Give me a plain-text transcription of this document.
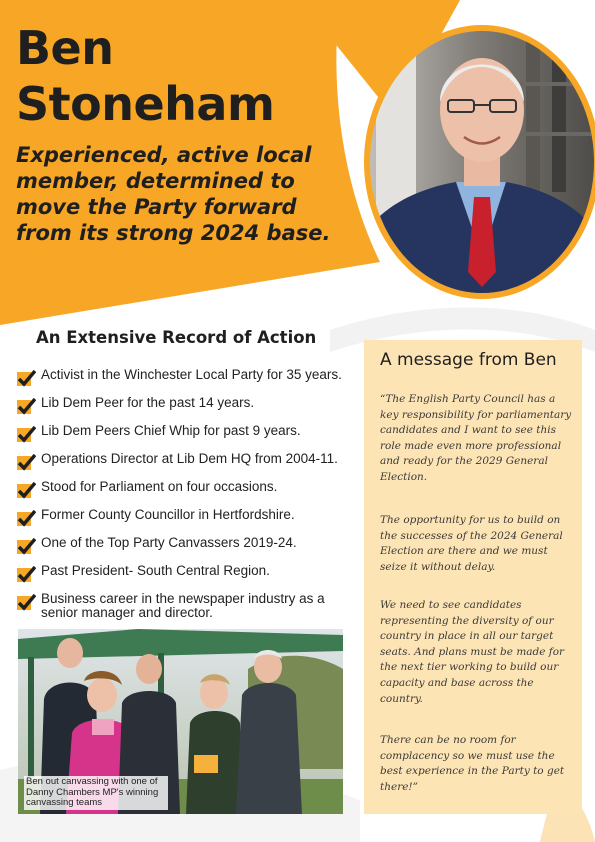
Ben
Stoneham

Experienced, active local member, determined to move the Party forward from its strong 2024 base.

An Extensive Record of Action
Activist in the Winchester Local Party for 35 years.
Lib Dem Peer for the past 14 years.
Lib Dem Peers Chief Whip for past 9 years.
Operations Director at Lib Dem HQ from 2004-11.
Stood for Parliament on four occasions.
Former County Councillor in Hertfordshire.
One of the Top Party Canvassers 2019-24.
Past President- South Central Region.
Business career in the newspaper industry as a senior manager and director.
Ben out canvassing with one of Danny Chambers MP's winning canvassing teams
A message from Ben

“The English Party Council has a key responsibility for parliamentary candidates and I want to see this role made even more professional and ready for the 2029 General Election.

The opportunity for us to build on the successes of the 2024 General Election are there and we must seize it without delay.

We need to see candidates representing the diversity of our country in place in all our target seats. And plans must be made for the next tier working to build our capacity and base across the country.

There can be no room for complacency so we must use the best experience in the Party to get there!”
